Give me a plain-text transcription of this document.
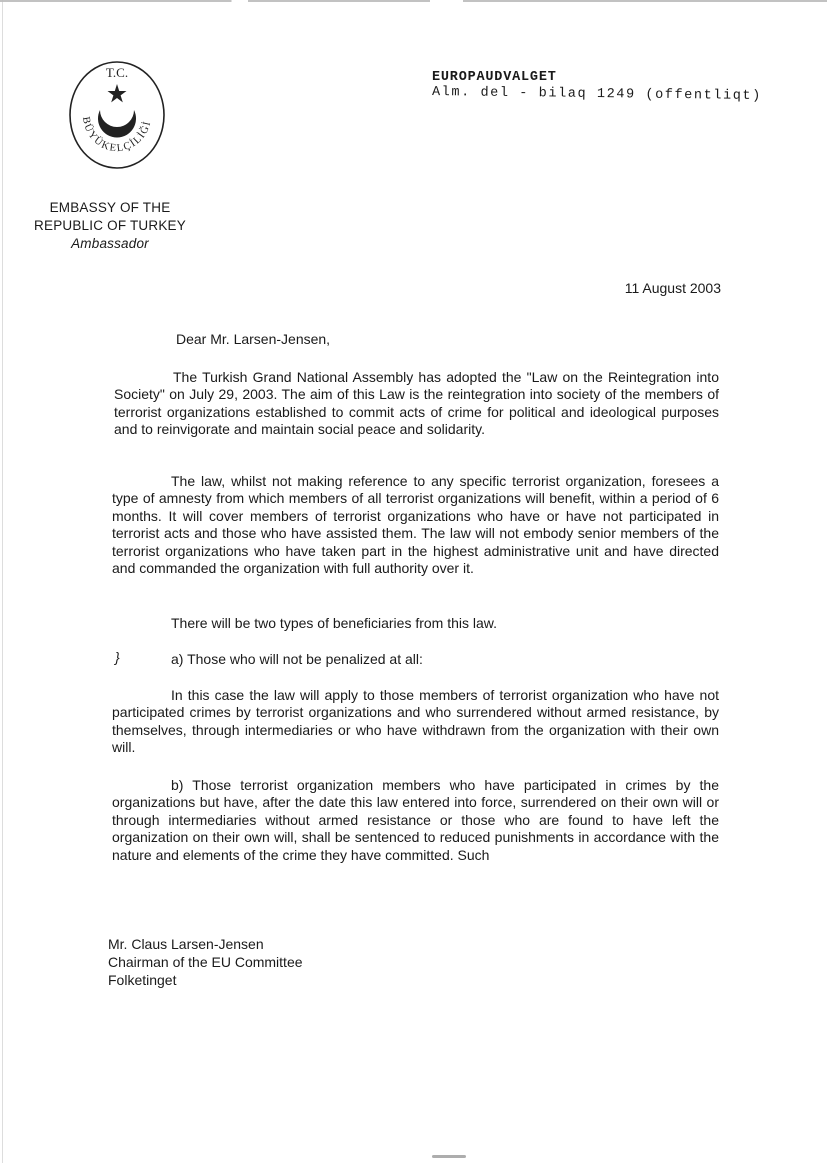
T.C.
BÜYÜKELÇİLİĞİ
EMBASSY OF THE
REPUBLIC OF TURKEY
Ambassador
EUROPAUDVALGET
Alm. del - bilaq 1249 (offentliqt)
11 August 2003
Dear Mr. Larsen-Jensen,
The Turkish Grand National Assembly has adopted the "Law on the Reintegration into Society" on July 29, 2003. The aim of this Law is the reintegration into society of the members of terrorist organizations established to commit acts of crime for political and ideological purposes and to reinvigorate and maintain social peace and solidarity.
The law, whilst not making reference to any specific terrorist organization, foresees a type of amnesty from which members of all terrorist organizations will benefit, within a period of 6 months. It will cover members of terrorist organizations who have or have not participated in terrorist acts and those who have assisted them. The law will not embody senior members of the terrorist organizations who have taken part in the highest administrative unit and have directed and commanded the organization with full authority over it.
There will be two types of beneficiaries from this law.
}	a) Those who will not be penalized at all:
In this case the law will apply to those members of terrorist organization who have not participated crimes by terrorist organizations and who surrendered without armed resistance, by themselves, through intermediaries or who have withdrawn from the organization with their own will.
b) Those terrorist organization members who have participated in crimes by the organizations but have, after the date this law entered into force, surrendered on their own will or through intermediaries without armed resistance or those who are found to have left the organization on their own will, shall be sentenced to reduced punishments in accordance with the nature and elements of the crime they have committed. Such
Mr. Claus Larsen-Jensen
Chairman of the EU Committee
Folketinget
